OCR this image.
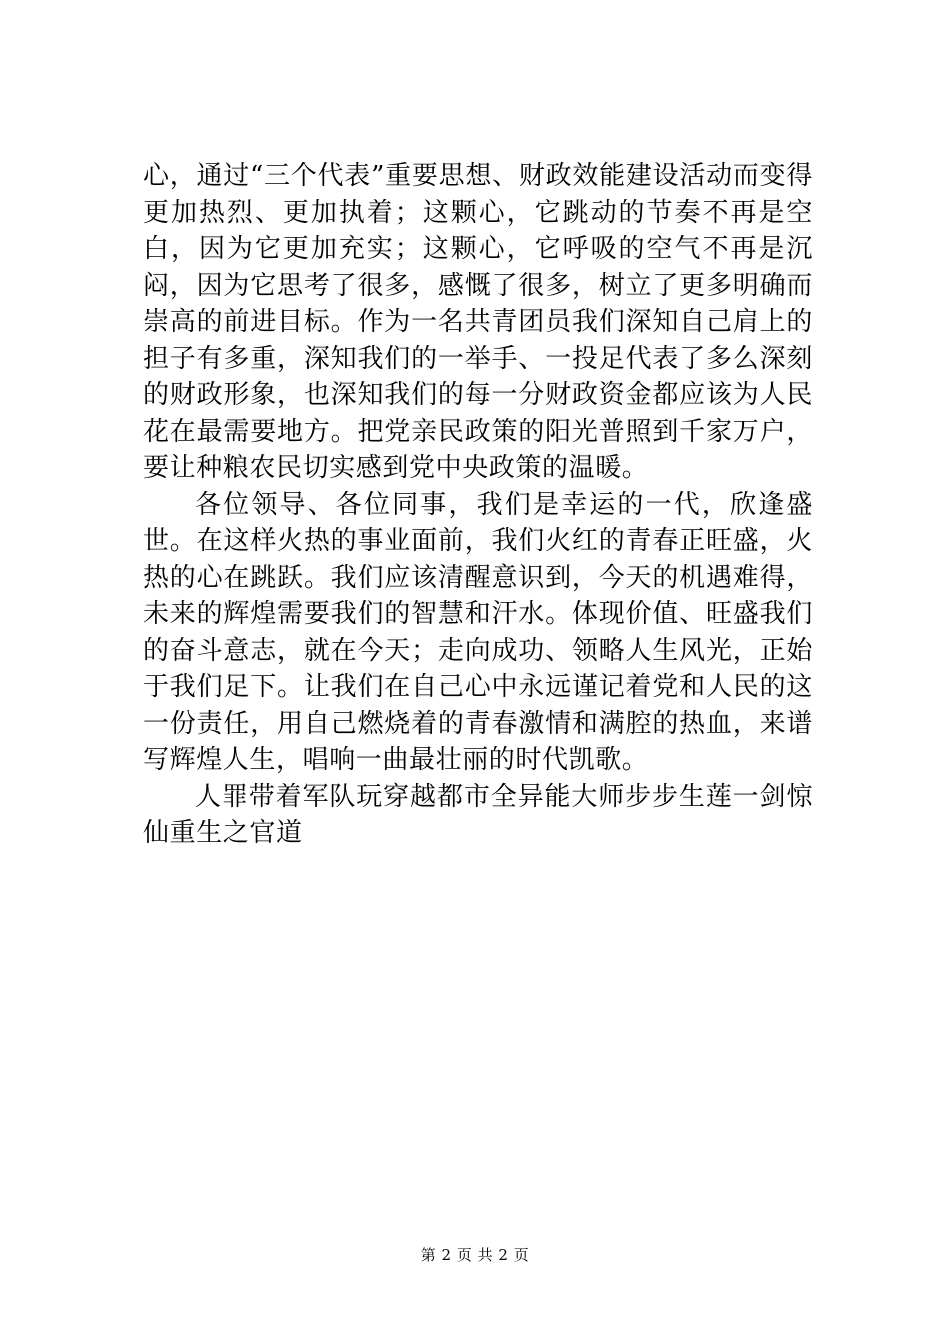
心，通过“三个代表”重要思想、财政效能建设活动而变得更加热烈、更加执着；这颗心，它跳动的节奏不再是空白，因为它更加充实；这颗心，它呼吸的空气不再是沉闷，因为它思考了很多，感慨了很多，树立了更多明确而崇高的前进目标。作为一名共青团员我们深知自己肩上的担子有多重，深知我们的一举手、一投足代表了多么深刻的财政形象，也深知我们的每一分财政资金都应该为人民花在最需要地方。把党亲民政策的阳光普照到千家万户，要让种粮农民切实感到党中央政策的温暖。

各位领导、各位同事，我们是幸运的一代，欣逢盛世。在这样火热的事业面前，我们火红的青春正旺盛，火热的心在跳跃。我们应该清醒意识到，今天的机遇难得，未来的辉煌需要我们的智慧和汗水。体现价值、旺盛我们的奋斗意志，就在今天；走向成功、领略人生风光，正始于我们足下。让我们在自己心中永远谨记着党和人民的这一份责任，用自己燃烧着的青春激情和满腔的热血，来谱写辉煌人生，唱响一曲最壮丽的时代凯歌。

人罪带着军队玩穿越都市全异能大师步步生莲一剑惊仙重生之官道

第 2 页 共 2 页
